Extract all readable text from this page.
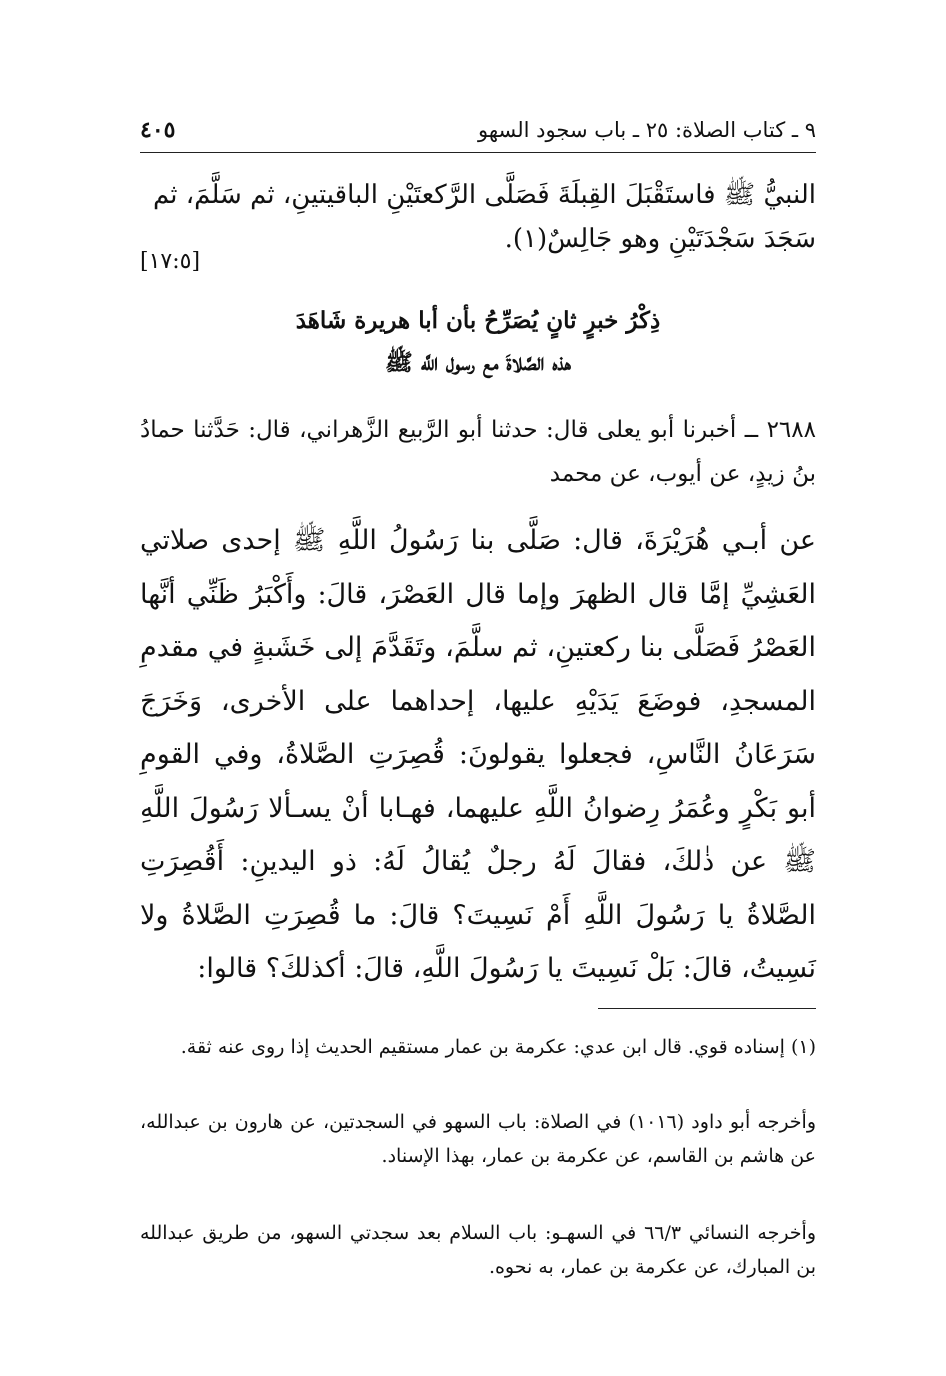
٩ ـ كتاب الصلاة: ٢٥ ـ باب سجود السهو
٤٠٥
النبيُّ ﷺ فاستَقْبَلَ القِبلَةَ فَصَلَّى الرَّكعتَيْنِ الباقيتينِ، ثم سَلَّمَ، ثم
سَجَدَ سَجْدَتَيْنِ وهو جَالِسٌ(١).
[١٧:٥]
ذِكْرُ خبرٍ ثانٍ يُصَرِّحُ بأن أبا هريرة شَاهَدَ
هذه الصَّلاةَ مع رسول اللَّه ﷺ
٢٦٨٨ ــ أخبرنا أبو يعلى قال: حدثنا أبو الرَّبيع الزَّهراني، قال: حَدَّثنا حمادُ بنُ زيدٍ، عن أيوب، عن محمد
عن أبـي هُرَيْرَةَ، قال: صَلَّى بنا رَسُولُ اللَّهِ ﷺ إحدى صلاتي العَشِيِّ إمَّا قال الظهرَ وإما قال العَصْرَ، قالَ: وأَكْبَرُ ظَنِّي أنَّها العَصْرُ فَصَلَّى بنا ركعتينِ، ثم سلَّمَ، وتَقَدَّمَ إلى خَشَبةٍ في مقدمِ المسجدِ، فوضَعَ يَدَيْهِ عليها، إحداهما على الأخرى، وَخَرَجَ سَرَعَانُ النَّاسِ، فجعلوا يقولونَ: قُصِرَتِ الصَّلاةُ، وفي القومِ أبو بَكْرٍ وعُمَرُ رِضوانُ اللَّهِ عليهما، فهـابا أنْ يسـألا رَسُولَ اللَّهِ ﷺ عن ذٰلكَ، فقالَ لَهُ رجلٌ يُقالُ لَهُ: ذو اليدينِ: أَقُصِرَتِ الصَّلاةُ يا رَسُولَ اللَّهِ أَمْ نَسِيتَ؟ قالَ: ما قُصِرَتِ الصَّلاةُ ولا نَسِيتُ، قالَ: بَلْ نَسِيتَ يا رَسُولَ اللَّهِ، قالَ: أكذلكَ؟ قالوا:
(١) إسناده قوي. قال ابن عدي: عكرمة بن عمار مستقيم الحديث إذا روى عنه ثقة.
وأخرجه أبو داود (١٠١٦) في الصلاة: باب السهو في السجدتين، عن هارون بن عبدالله، عن هاشم بن القاسم، عن عكرمة بن عمار، بهذا الإسناد.
وأخرجه النسائي ٦٦/٣ في السهـو: باب السلام بعد سجدتي السهو، من طريق عبدالله بن المبارك، عن عكرمة بن عمار، به نحوه.
